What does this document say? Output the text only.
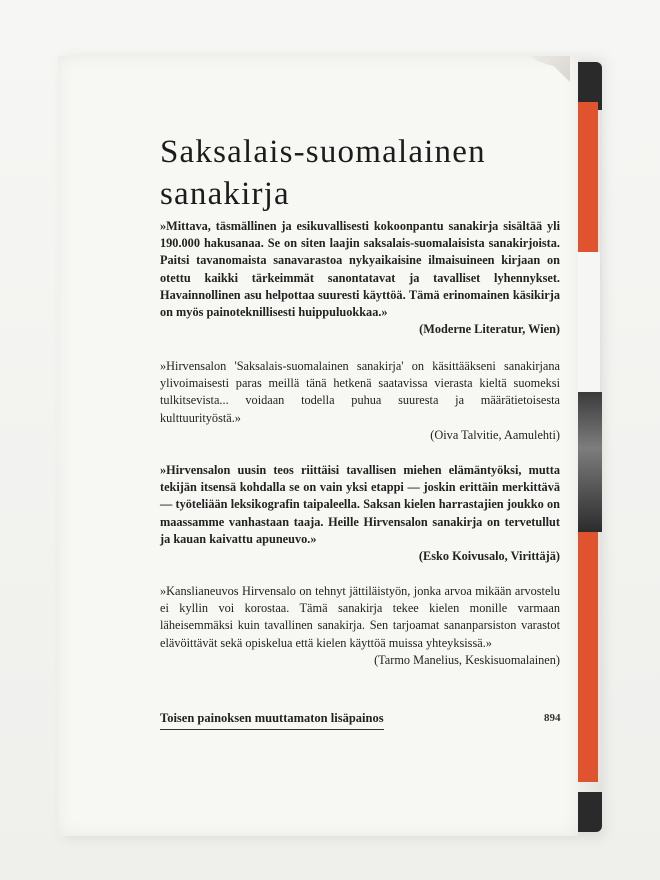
Saksalais-suomalainen
sanakirja
»Mittava, täsmällinen ja esikuvallisesti kokoonpantu sanakirja sisältää yli 190.000 hakusanaa. Se on siten laajin saksalais-suomalaisista sanakirjoista. Paitsi tavanomaista sanavarastoa nykyaikaisine ilmaisuineen kirjaan on otettu kaikki tärkeimmät sanontatavat ja tavalliset lyhennykset. Havainnollinen asu helpottaa suuresti käyttöä. Tämä erinomainen käsikirja on myös painoteknillisesti huippuluokkaa.»
(Moderne Literatur, Wien)
»Hirvensalon 'Saksalais-suomalainen sanakirja' on käsittääkseni sanakirjana ylivoimaisesti paras meillä tänä hetkenä saatavissa vierasta kieltä suomeksi tulkitsevista... voidaan todella puhua suuresta ja määrätietoisesta kulttuurityöstä.»
(Oiva Talvitie, Aamulehti)
»Hirvensalon uusin teos riittäisi tavallisen miehen elämäntyöksi, mutta tekijän itsensä kohdalla se on vain yksi etappi — joskin erittäin merkittävä — työteliään leksikografin taipaleella. Saksan kielen harrastajien joukko on maassamme vanhastaan taaja. Heille Hirvensalon sanakirja on tervetullut ja kauan kaivattu apuneuvo.»
(Esko Koivusalo, Virittäjä)
»Kanslianeuvos Hirvensalo on tehnyt jättiläistyön, jonka arvoa mikään arvostelu ei kyllin voi korostaa. Tämä sanakirja tekee kielen monille varmaan läheisemmäksi kuin tavallinen sanakirja. Sen tarjoamat sananparsiston varastot elävöittävät sekä opiskelua että kielen käyttöä muissa yhteyksissä.»
(Tarmo Manelius, Keskisuomalainen)
Toisen painoksen muuttamaton lisäpainos	894
